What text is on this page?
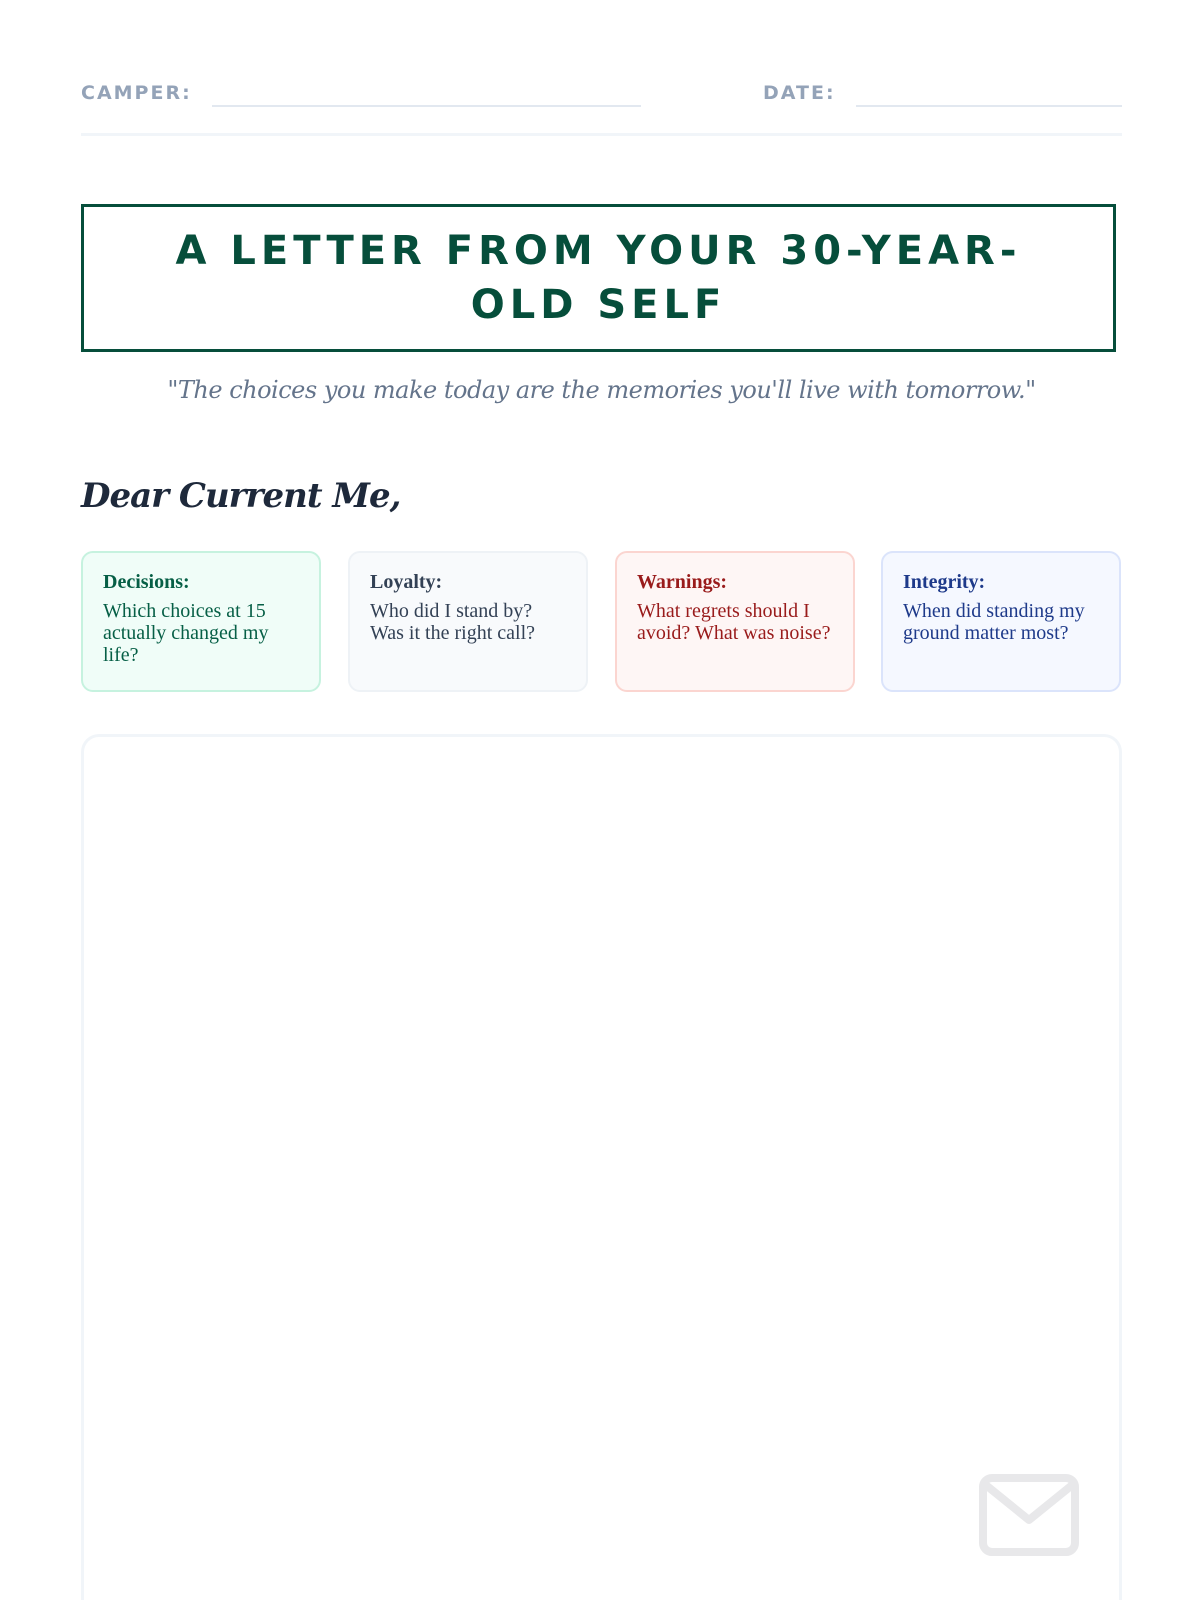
CAMPER:	DATE:
A LETTER FROM YOUR 30-YEAR-OLD SELF
"The choices you make today are the memories you'll live with tomorrow."
Dear Current Me,
Decisions:
Which choices at 15 actually changed my life?
Loyalty:
Who did I stand by? Was it the right call?
Warnings:
What regrets should I avoid? What was noise?
Integrity:
When did standing my ground matter most?
